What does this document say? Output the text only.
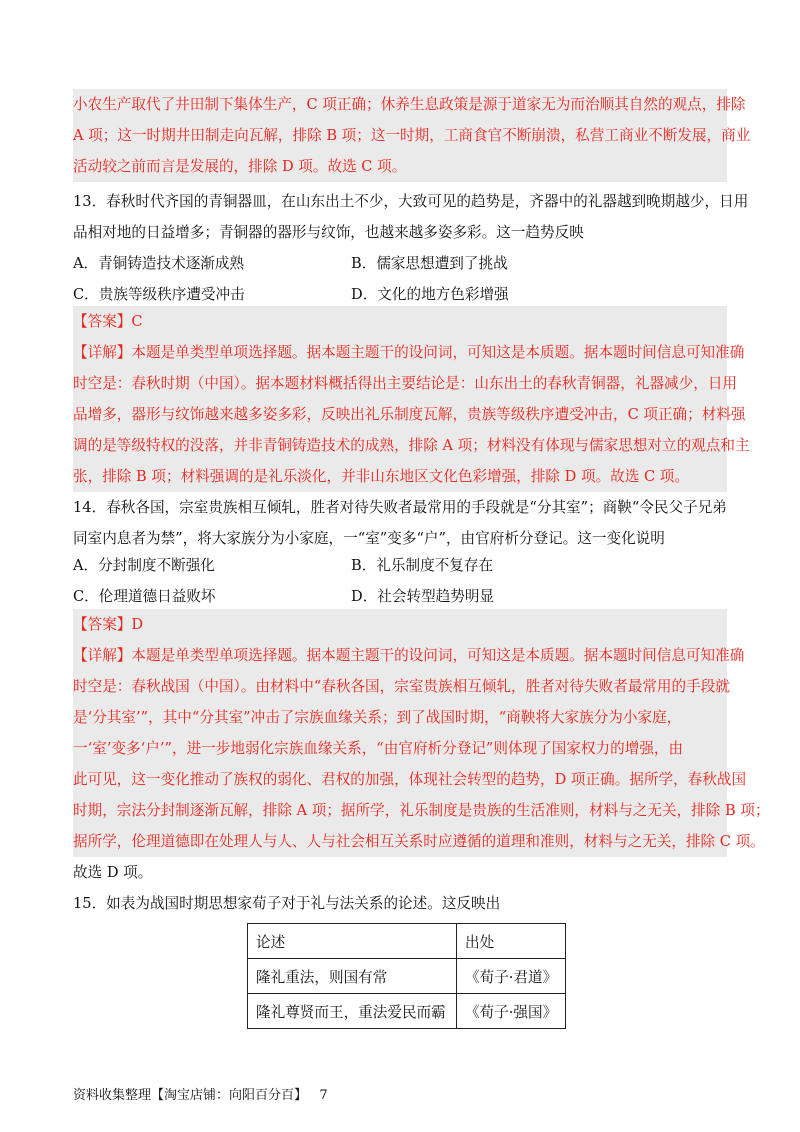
小农生产取代了井田制下集体生产，C 项正确；休养生息政策是源于道家无为而治顺其自然的观点，排除
A 项；这一时期井田制走向瓦解，排除 B 项；这一时期，工商食官不断崩溃，私营工商业不断发展，商业
活动较之前而言是发展的，排除 D 项。故选 C 项。
13．春秋时代齐国的青铜器皿，在山东出土不少，大致可见的趋势是，齐器中的礼器越到晚期越少，日用
品相对地的日益增多；青铜器的器形与纹饰，也越来越多姿多彩。这一趋势反映
A．青铜铸造技术逐渐成熟	B．儒家思想遭到了挑战
C．贵族等级秩序遭受冲击	D．文化的地方色彩增强
【答案】C
【详解】本题是单类型单项选择题。据本题主题干的设问词，可知这是本质题。据本题时间信息可知准确
时空是：春秋时期（中国）。据本题材料概括得出主要结论是：山东出土的春秋青铜器，礼器减少，日用
品增多，器形与纹饰越来越多姿多彩，反映出礼乐制度瓦解，贵族等级秩序遭受冲击，C 项正确；材料强
调的是等级特权的没落，并非青铜铸造技术的成熟，排除 A 项；材料没有体现与儒家思想对立的观点和主
张，排除 B 项；材料强调的是礼乐淡化，并非山东地区文化色彩增强，排除 D 项。故选 C 项。
14．春秋各国，宗室贵族相互倾轧，胜者对待失败者最常用的手段就是“分其室”；商鞅“令民父子兄弟
同室内息者为禁”，将大家族分为小家庭，一“室”变多“户”，由官府析分登记。这一变化说明
A．分封制度不断强化	B．礼乐制度不复存在
C．伦理道德日益败坏	D．社会转型趋势明显
【答案】D
【详解】本题是单类型单项选择题。据本题主题干的设问词，可知这是本质题。据本题时间信息可知准确
时空是：春秋战国（中国）。由材料中“春秋各国，宗室贵族相互倾轧，胜者对待失败者最常用的手段就
是‘分其室’”，其中“分其室”冲击了宗族血缘关系；到了战国时期，“商鞅将大家族分为小家庭，
一‘室’变多‘户’”，进一步地弱化宗族血缘关系，“由官府析分登记”则体现了国家权力的增强，由
此可见，这一变化推动了族权的弱化、君权的加强，体现社会转型的趋势，D 项正确。据所学，春秋战国
时期，宗法分封制逐渐瓦解，排除 A 项；据所学，礼乐制度是贵族的生活准则，材料与之无关，排除 B 项；
据所学，伦理道德即在处理人与人、人与社会相互关系时应遵循的道理和准则，材料与之无关，排除 C 项。
故选 D 项。
15．如表为战国时期思想家荀子对于礼与法关系的论述。这反映出
论述	出处
隆礼重法，则国有常	《荀子·君道》
隆礼尊贤而王，重法爱民而霸	《荀子·强国》
资料收集整理【淘宝店铺：向阳百分百】 7
